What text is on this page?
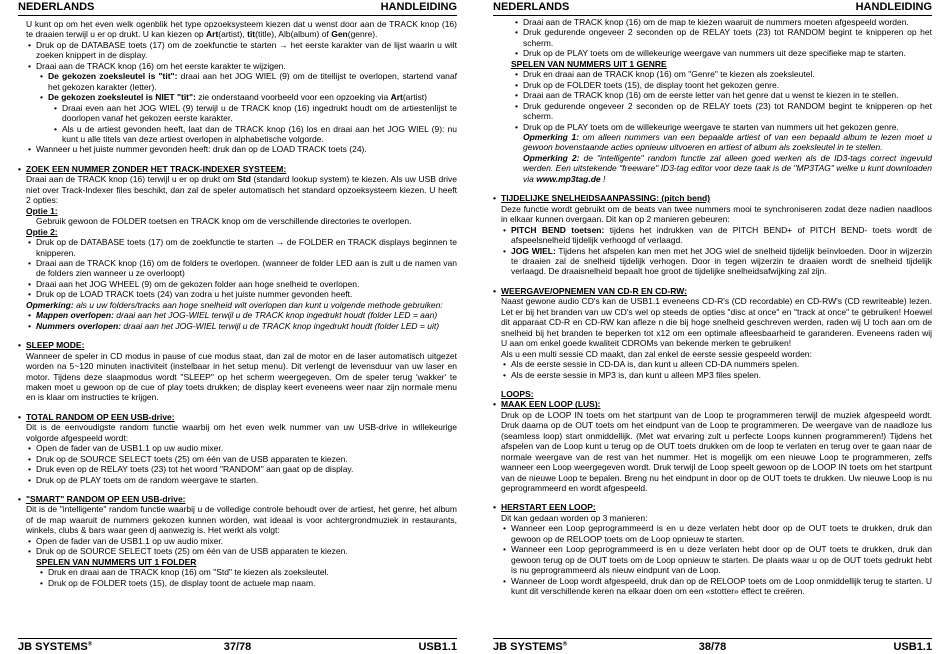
NEDERLANDS	HANDLEIDING

U kunt op om het even welk ogenblik het type opzoeksysteem kiezen dat u wenst door aan de TRACK knop (16) te draaien terwijl u er op drukt. U kan kiezen op Art(artist), tit(title), Alb(album) of Gen(genre).

• Druk op de DATABASE toets (17) om de zoekfunctie te starten → het eerste karakter van de lijst waarin u wilt zoeken knippert in de display.
• Draai aan de TRACK knop (16) om het eerste karakter te wijzigen.
• De gekozen zoeksleutel is "tit": draai aan het JOG WIEL (9) om de titellijst te overlopen, startend vanaf het gekozen karakter (letter).
• De gekozen zoeksleutel is NIET "tit": zie onderstaand voorbeeld voor een opzoeking via Art(artist)
• Draai even aan het JOG WIEL (9) terwijl u de TRACK knop (16) ingedrukt houdt om de artiestenlijst te doorlopen vanaf het gekozen eerste karakter.
• Als u de artiest gevonden heeft, laat dan de TRACK knop (16) los en draai aan het JOG WIEL (9): nu kunt u alle titels van deze artiest overlopen in alphabetische volgorde.
• Wanneer u het juiste nummer gevonden heeft: druk dan op de LOAD TRACK toets (24).
• ZOEK EEN NUMMER ZONDER HET TRACK-INDEXER SYSTEEM:

Draai aan de TRACK knop (16) terwijl u er op drukt om Std (standard lookup system) te kiezen. Als uw USB drive niet over Track-Indexer files beschikt, dan zal de speler automatisch het standard opzoeksysteem kiezen. U heeft 2 opties:

Optie 1:
Gebruik gewoon de FOLDER toetsen en TRACK knop om de verschillende directories te overlopen.
Optie 2:
• Druk op de DATABASE toets (17) om de zoekfunctie te starten → de FOLDER en TRACK displays beginnen te knipperen.
• Draai aan de TRACK knop (16) om de folders te overlopen. (wanneer de folder LED aan is zult u de namen van de folders zien wanneer u ze overloopt)
• Draai aan het JOG WHEEL (9) om de gekozen folder aan hoge snelheid te overlopen.
• Druk op de LOAD TRACK toets (24) van zodra u het juiste nummer gevonden heeft.
Opmerking: als u uw folders/tracks aan hoge snelheid wilt overlopen dan kunt u volgende methode gebruiken:
• Mappen overlopen: draai aan het JOG-WIEL terwijl u de TRACK knop ingedrukt houdt (folder LED = aan)
• Nummers overlopen: draai aan het JOG-WIEL terwijl u de TRACK knop ingedrukt houdt (folder LED = uit)
• SLEEP MODE:

Wanneer de speler in CD modus in pause of cue modus staat, dan zal de motor en de laser automatisch uitgezet worden na 5~120 minuten inactiviteit (instelbaar in het setup menu). Dit verlengt de levensduur van uw laser en motor. Tijdens deze slaapmodus wordt "SLEEP" op het scherm weergegeven. Om de speler terug 'wakker' te maken moet u gewoon op de cue of play toets drukken; de display keert eveneens weer naar zijn normale menu en is klaar om instructies te krijgen.

• TOTAL RANDOM OP EEN USB-drive:

Dit is de eenvoudigste random functie waarbij om het even welk nummer van uw USB-drive in willekeurige volgorde afgespeeld wordt:

• Open de fader van de USB1.1 op uw audio mixer.
• Druk op de SOURCE SELECT toets (25) om één van de USB apparaten te kiezen.
• Druk even op de RELAY toets (23) tot het woord "RANDOM" aan gaat op de display.
• Druk op de PLAY toets om de random weergave te starten.
• "SMART" RANDOM OP EEN USB-drive:

Dit is de "intelligente" random functie waarbij u de volledige controle behoudt over de artiest, het genre, het album of de map waaruit de nummers gekozen kunnen worden, wat ideaal is voor achtergrondmuziek in restaurants, winkels, clubs & bars waar geen dj aanwezig is. Het werkt als volgt:

• Open de fader van de USB1.1 op uw audio mixer.
• Druk op de SOURCE SELECT toets (25) om één van de USB apparaten te kiezen.
SPELEN VAN NUMMERS UIT 1 FOLDER
• Druk en draai aan de TRACK knop (16) om "Std" te kiezen als zoeksleutel.
• Druk op de FOLDER toets (15), de display toont de actuele map naam.
JB SYSTEMS®	37/78	USB1.1
NEDERLANDS	HANDLEIDING
• Draai aan de TRACK knop (16) om de map te kiezen waaruit de nummers moeten afgespeeld worden.
• Druk gedurende ongeveer 2 seconden op de RELAY toets (23) tot RANDOM begint te knipperen op het scherm.
• Druk op de PLAY toets om de willekeurige weergave van nummers uit deze specifieke map te starten.
SPELEN VAN NUMMERS UIT 1 GENRE
• Druk en draai aan de TRACK knop (16) om "Genre" te kiezen als zoeksleutel.
• Druk op de FOLDER toets (15), de display toont het gekozen genre.
• Draai aan de TRACK knop (16) om de eerste letter van het genre dat u wenst te kiezen in te stellen.
• Druk gedurende ongeveer 2 seconden op de RELAY toets (23) tot RANDOM begint te knipperen op het scherm.
• Druk op de PLAY toets om de willekeurige weergave te starten van nummers uit het gekozen genre.
Opmerking 1: om alleen nummers van een bepaalde artiest of van een bepaald album te lezen moet u gewoon bovenstaande acties opnieuw uitvoeren en artiest of album als zoeksleutel in te stellen.
Opmerking 2: de "intelligente" random functie zal alleen goed werken als de ID3-tags correct ingevuld werden. Een uitstekende "freeware" ID3-tag editor voor deze taak is de "MP3TAG" welke u kunt downloaden via www.mp3tag.de !
• TIJDELIJKE SNELHEIDSAANPASSING: (pitch bend)

Deze functie wordt gebruikt om de beats van twee nummers mooi te synchroniseren zodat deze nadien naadloos in elkaar kunnen overgaan. Dit kan op 2 manieren gebeuren:

• PITCH BEND toetsen: tijdens het indrukken van de PITCH BEND+ of PITCH BEND- toets wordt de afspeelsnelheid tijdelijk verhoogd of verlaagd.
• JOG WIEL: Tijdens het afspelen kan men met het JOG wiel de snelheid tijdelijk beïnvloeden. Door in wijzerzin te draaien zal de snelheid tijdelijk verhogen. Door in tegen wijzerzin te draaien wordt de snelheid tijdelijk verlaagd. De draaisnelheid bepaalt hoe groot de tijdelijke snelheidsafwijking zal zijn.
• WEERGAVE/OPNEMEN VAN CD-R EN CD-RW:

Naast gewone audio CD's kan de USB1.1 eveneens CD-R's (CD recordable) en CD-RW's (CD rewriteable) lezen. Let er bij het branden van uw CD's wel op steeds de opties "disc at once" en "track at once" te gebruiken! Hoewel dit apparaat CD-R en CD-RW kan afleze n die bij hoge snelheid geschreven werden, raden wij U toch aan om de snelheid bij het branden te beperken tot x12 om een optimale afleesbaarheid te garanderen. Eveneens raden wij U aan om enkel goede kwaliteit CDROMs van bekende merken te gebruiken!

Als u een multi sessie CD maakt, dan zal enkel de eerste sessie gespeeld worden:

• Als de eerste sessie in CD-DA is, dan kunt u alleen CD-DA nummers spelen.
• Als de eerste sessie in MP3 is, dan kunt u alleen MP3 files spelen.
LOOPS:
• MAAK EEN LOOP (LUS):

Druk op de LOOP IN toets om het startpunt van de Loop te programmeren terwijl de muziek afgespeeld wordt. Druk daarna op de OUT toets om het eindpunt van de Loop te programmeren. De weergave van de naadloze lus (seamless loop) start onmiddellijk. (Met wat ervaring zult u perfecte Loops kunnen programmeren!) Tijdens het afspelen van de Loop kunt u terug op de OUT toets drukken om de loop te verlaten en terug over te gaan naar de normale weergave van de rest van het nummer. Het is mogelijk om een nieuwe Loop te programmeren, zelfs wanneer een Loop weergegeven wordt. Druk terwijl de Loop speelt gewoon op de LOOP IN toets om het startpunt van de nieuwe Loop te bepalen. Breng nu het eindpunt in door op de OUT toets te drukken. Uw nieuwe Loop is nu geprogrammeerd en wordt afgespeeld.

• HERSTART EEN LOOP:

Dit kan gedaan worden op 3 manieren:

• Wanneer een Loop geprogrammeerd is en u deze verlaten hebt door op de OUT toets te drukken, druk dan gewoon op de RELOOP toets om de Loop opnieuw te starten.
• Wanneer een Loop geprogrammeerd is en u deze verlaten hebt door op de OUT toets te drukken, druk dan gewoon terug op de OUT toets om de Loop opnieuw te starten. De plaats waar u op de OUT toets gedrukt hebt is nu geprogrammeerd als nieuw eindpunt van de Loop.
• Wanneer de Loop wordt afgespeeld, druk dan op de RELOOP toets om de Loop onmiddellijk terug te starten. U kunt dit verschillende keren na elkaar doen om een «stotter» effect te creëren.
JB SYSTEMS®	38/78	USB1.1
